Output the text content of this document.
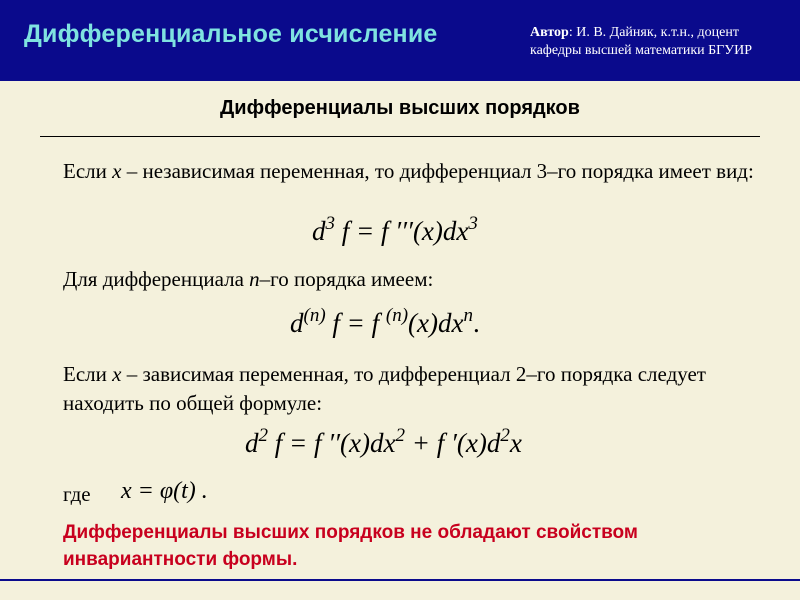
Дифференциальное исчисление	Автор: И. В. Дайняк, к.т.н., доцент кафедры высшей математики БГУИР
Дифференциалы высших порядков
Если x – независимая переменная, то дифференциал 3–го порядка имеет вид:
$d^3$ f = f $'''(x)dx^3$
Для дифференциала n–го порядка имеем:
$d^{(n)}$ f = f $^{(n)}(x)dx^n$.
Если x – зависимая переменная, то дифференциал 2–го порядка следует находить по общей формуле:
$d^2$ f = f $''(x)dx^2 + f$ $'(x)d^2x$
где	x = φ(t) .
Дифференциалы высших порядков не обладают свойством инвариантности формы.
